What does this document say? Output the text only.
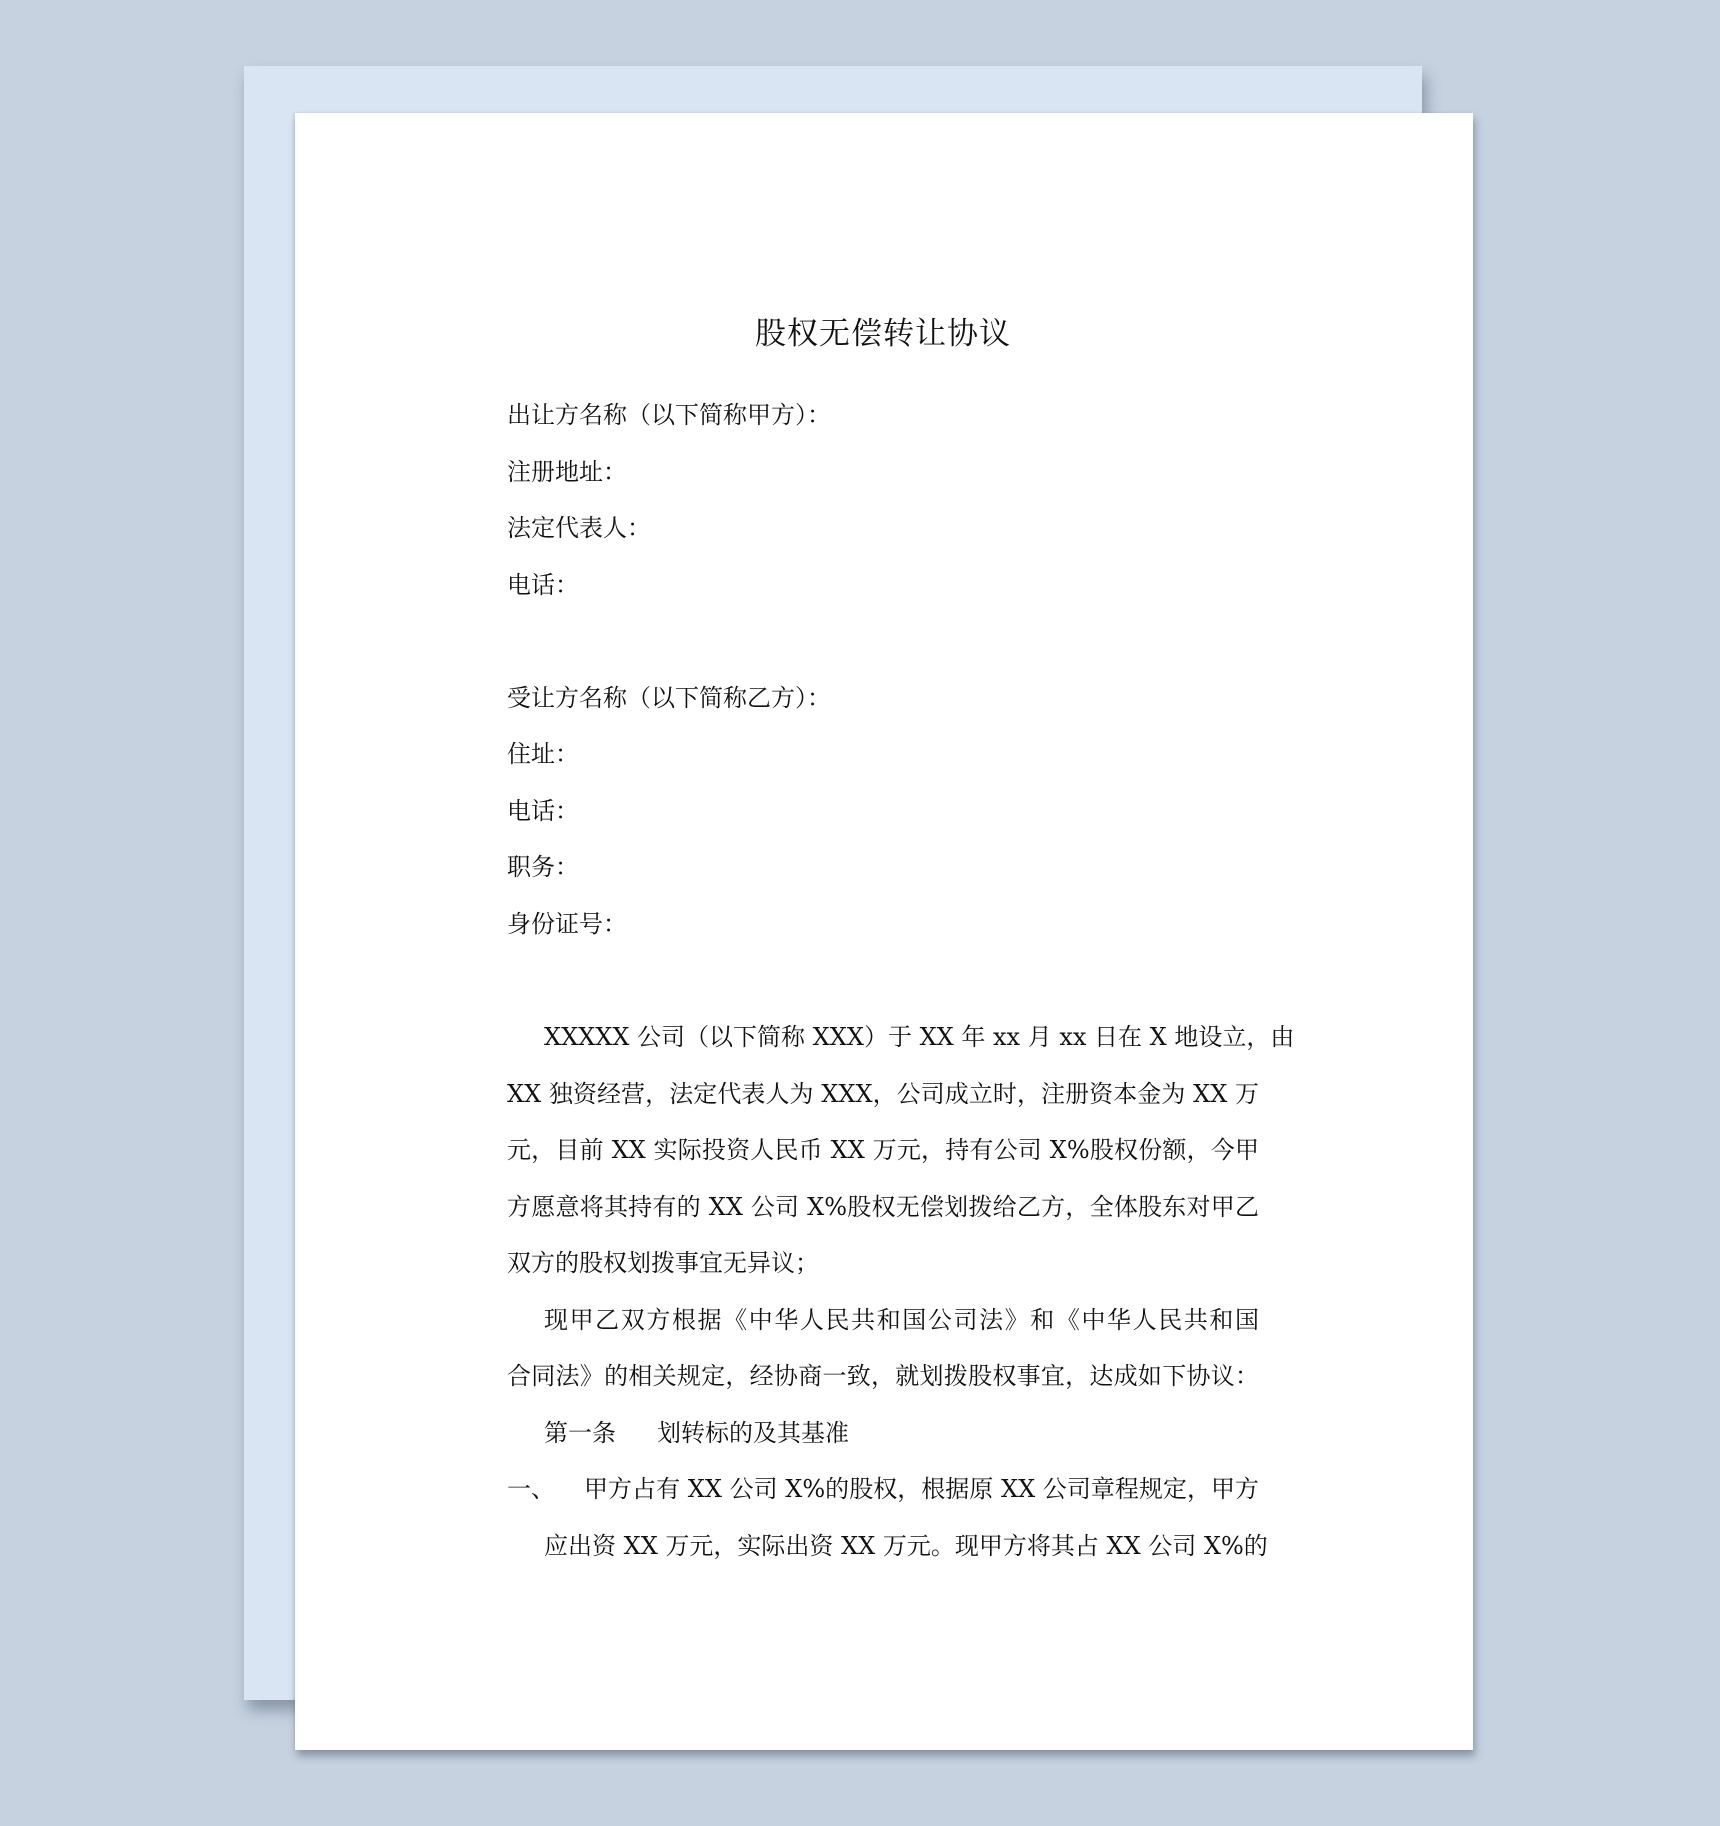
股权无偿转让协议
出让方名称（以下简称甲方）：
注册地址：
法定代表人：
电话：
受让方名称（以下简称乙方）：
住址：
电话：
职务：
身份证号：
XXXXX 公司（以下简称 XXX）于 XX 年 xx 月 xx 日在 X 地设立，由
XX 独资经营，法定代表人为 XXX，公司成立时，注册资本金为 XX 万
元，目前 XX 实际投资人民币 XX 万元，持有公司 X%股权份额，今甲
方愿意将其持有的 XX 公司 X%股权无偿划拨给乙方，全体股东对甲乙
双方的股权划拨事宜无异议；
现甲乙双方根据《中华人民共和国公司法》和《中华人民共和国
合同法》的相关规定，经协商一致，就划拨股权事宜，达成如下协议：
第一条 划转标的及其基准
一、 甲方占有 XX 公司 X%的股权，根据原 XX 公司章程规定，甲方
应出资 XX 万元，实际出资 XX 万元。现甲方将其占 XX 公司 X%的
